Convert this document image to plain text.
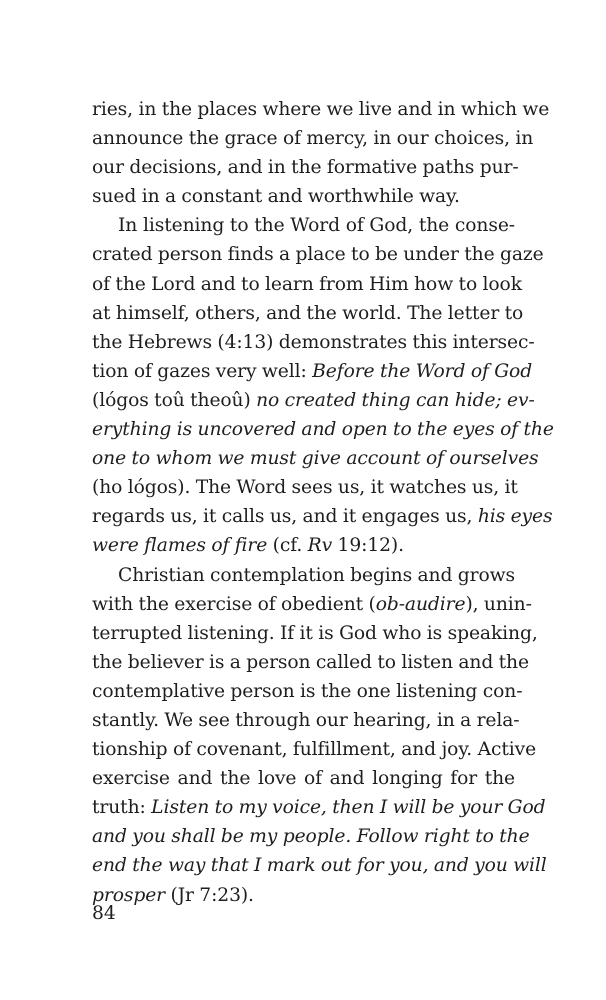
ries, in the places where we live and in which we
announce the grace of mercy, in our choices, in
our decisions, and in the formative paths pur-
sued in a constant and worthwhile way.
In listening to the Word of God, the conse-
crated person finds a place to be under the gaze
of the Lord and to learn from Him how to look
at himself, others, and the world. The letter to
the Hebrews (4:13) demonstrates this intersec-
tion of gazes very well: Before the Word of God
(lógos toû theoû) no created thing can hide; ev-
erything is uncovered and open to the eyes of the
one to whom we must give account of ourselves
(ho lógos). The Word sees us, it watches us, it
regards us, it calls us, and it engages us, his eyes
were flames of fire (cf. Rv 19:12).
Christian contemplation begins and grows
with the exercise of obedient (ob-audire), unin-
terrupted listening. If it is God who is speaking,
the believer is a person called to listen and the
contemplative person is the one listening con-
stantly. We see through our hearing, in a rela-
tionship of covenant, fulfillment, and joy. Active
exercise and the love of and longing for the
truth: Listen to my voice, then I will be your God
and you shall be my people. Follow right to the
end the way that I mark out for you, and you will
prosper (Jr 7:23).
84
